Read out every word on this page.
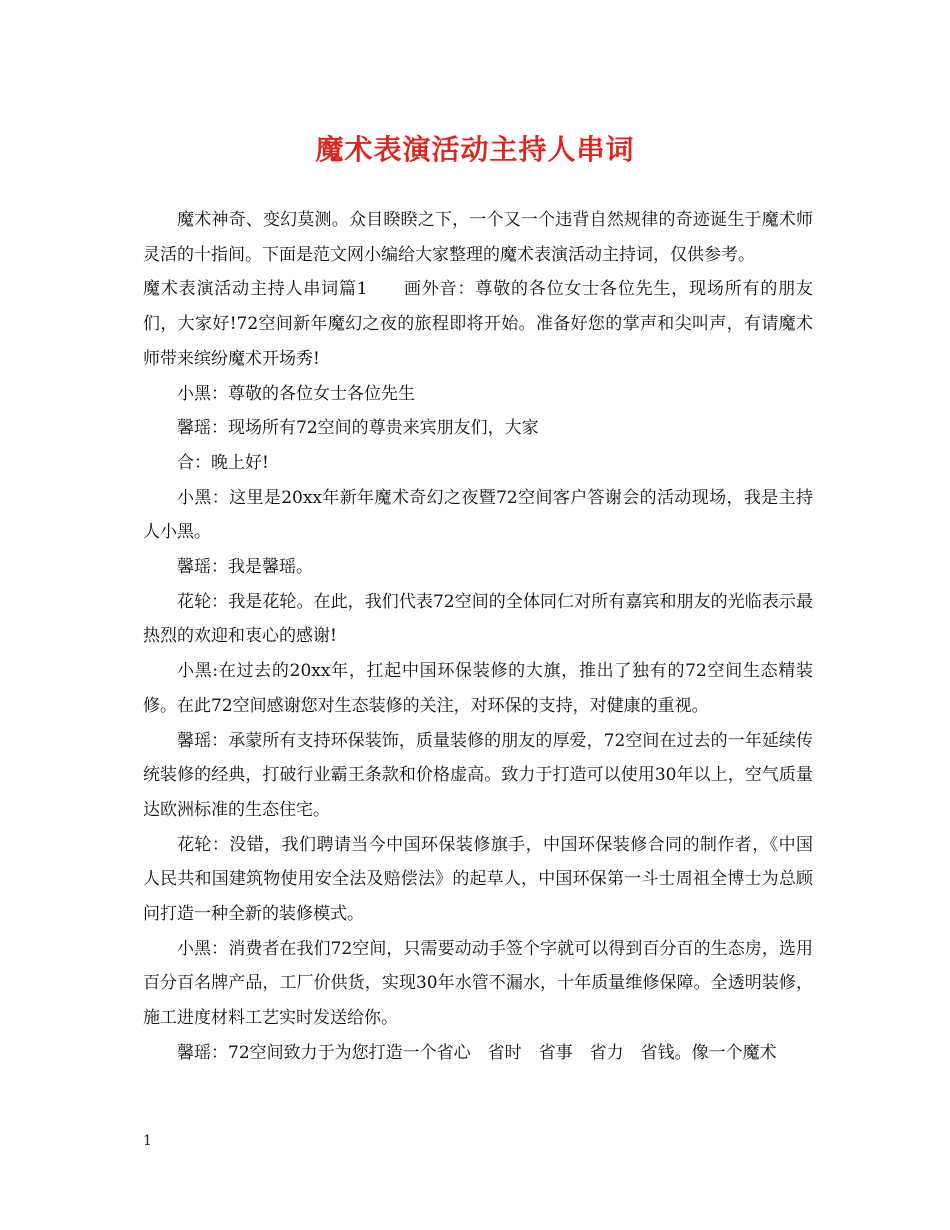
魔术表演活动主持人串词

魔术神奇、变幻莫测。众目睽睽之下，一个又一个违背自然规律的奇迹诞生于魔术师灵活的十指间。下面是范文网小编给大家整理的魔术表演活动主持词，仅供参考。

魔术表演活动主持人串词篇1　　画外音：尊敬的各位女士各位先生，现场所有的朋友们，大家好!72空间新年魔幻之夜的旅程即将开始。准备好您的掌声和尖叫声，有请魔术师带来缤纷魔术开场秀!

小黑：尊敬的各位女士各位先生

馨瑶：现场所有72空间的尊贵来宾朋友们，大家

合：晚上好!

小黑：这里是20xx年新年魔术奇幻之夜暨72空间客户答谢会的活动现场，我是主持人小黑。

馨瑶：我是馨瑶。

花轮：我是花轮。在此，我们代表72空间的全体同仁对所有嘉宾和朋友的光临表示最热烈的欢迎和衷心的感谢!

小黑:在过去的20xx年，扛起中国环保装修的大旗，推出了独有的72空间生态精装修。在此72空间感谢您对生态装修的关注，对环保的支持，对健康的重视。

馨瑶：承蒙所有支持环保装饰，质量装修的朋友的厚爱，72空间在过去的一年延续传统装修的经典，打破行业霸王条款和价格虚高。致力于打造可以使用30年以上，空气质量达欧洲标准的生态住宅。

花轮：没错，我们聘请当今中国环保装修旗手，中国环保装修合同的制作者，《中国人民共和国建筑物使用安全法及赔偿法》的起草人，中国环保第一斗士周祖全博士为总顾问打造一种全新的装修模式。

小黑：消费者在我们72空间，只需要动动手签个字就可以得到百分百的生态房，选用百分百名牌产品，工厂价供货，实现30年水管不漏水，十年质量维修保障。全透明装修，施工进度材料工艺实时发送给你。

馨瑶：72空间致力于为您打造一个省心　省时　省事　省力　省钱。像一个魔术

1
